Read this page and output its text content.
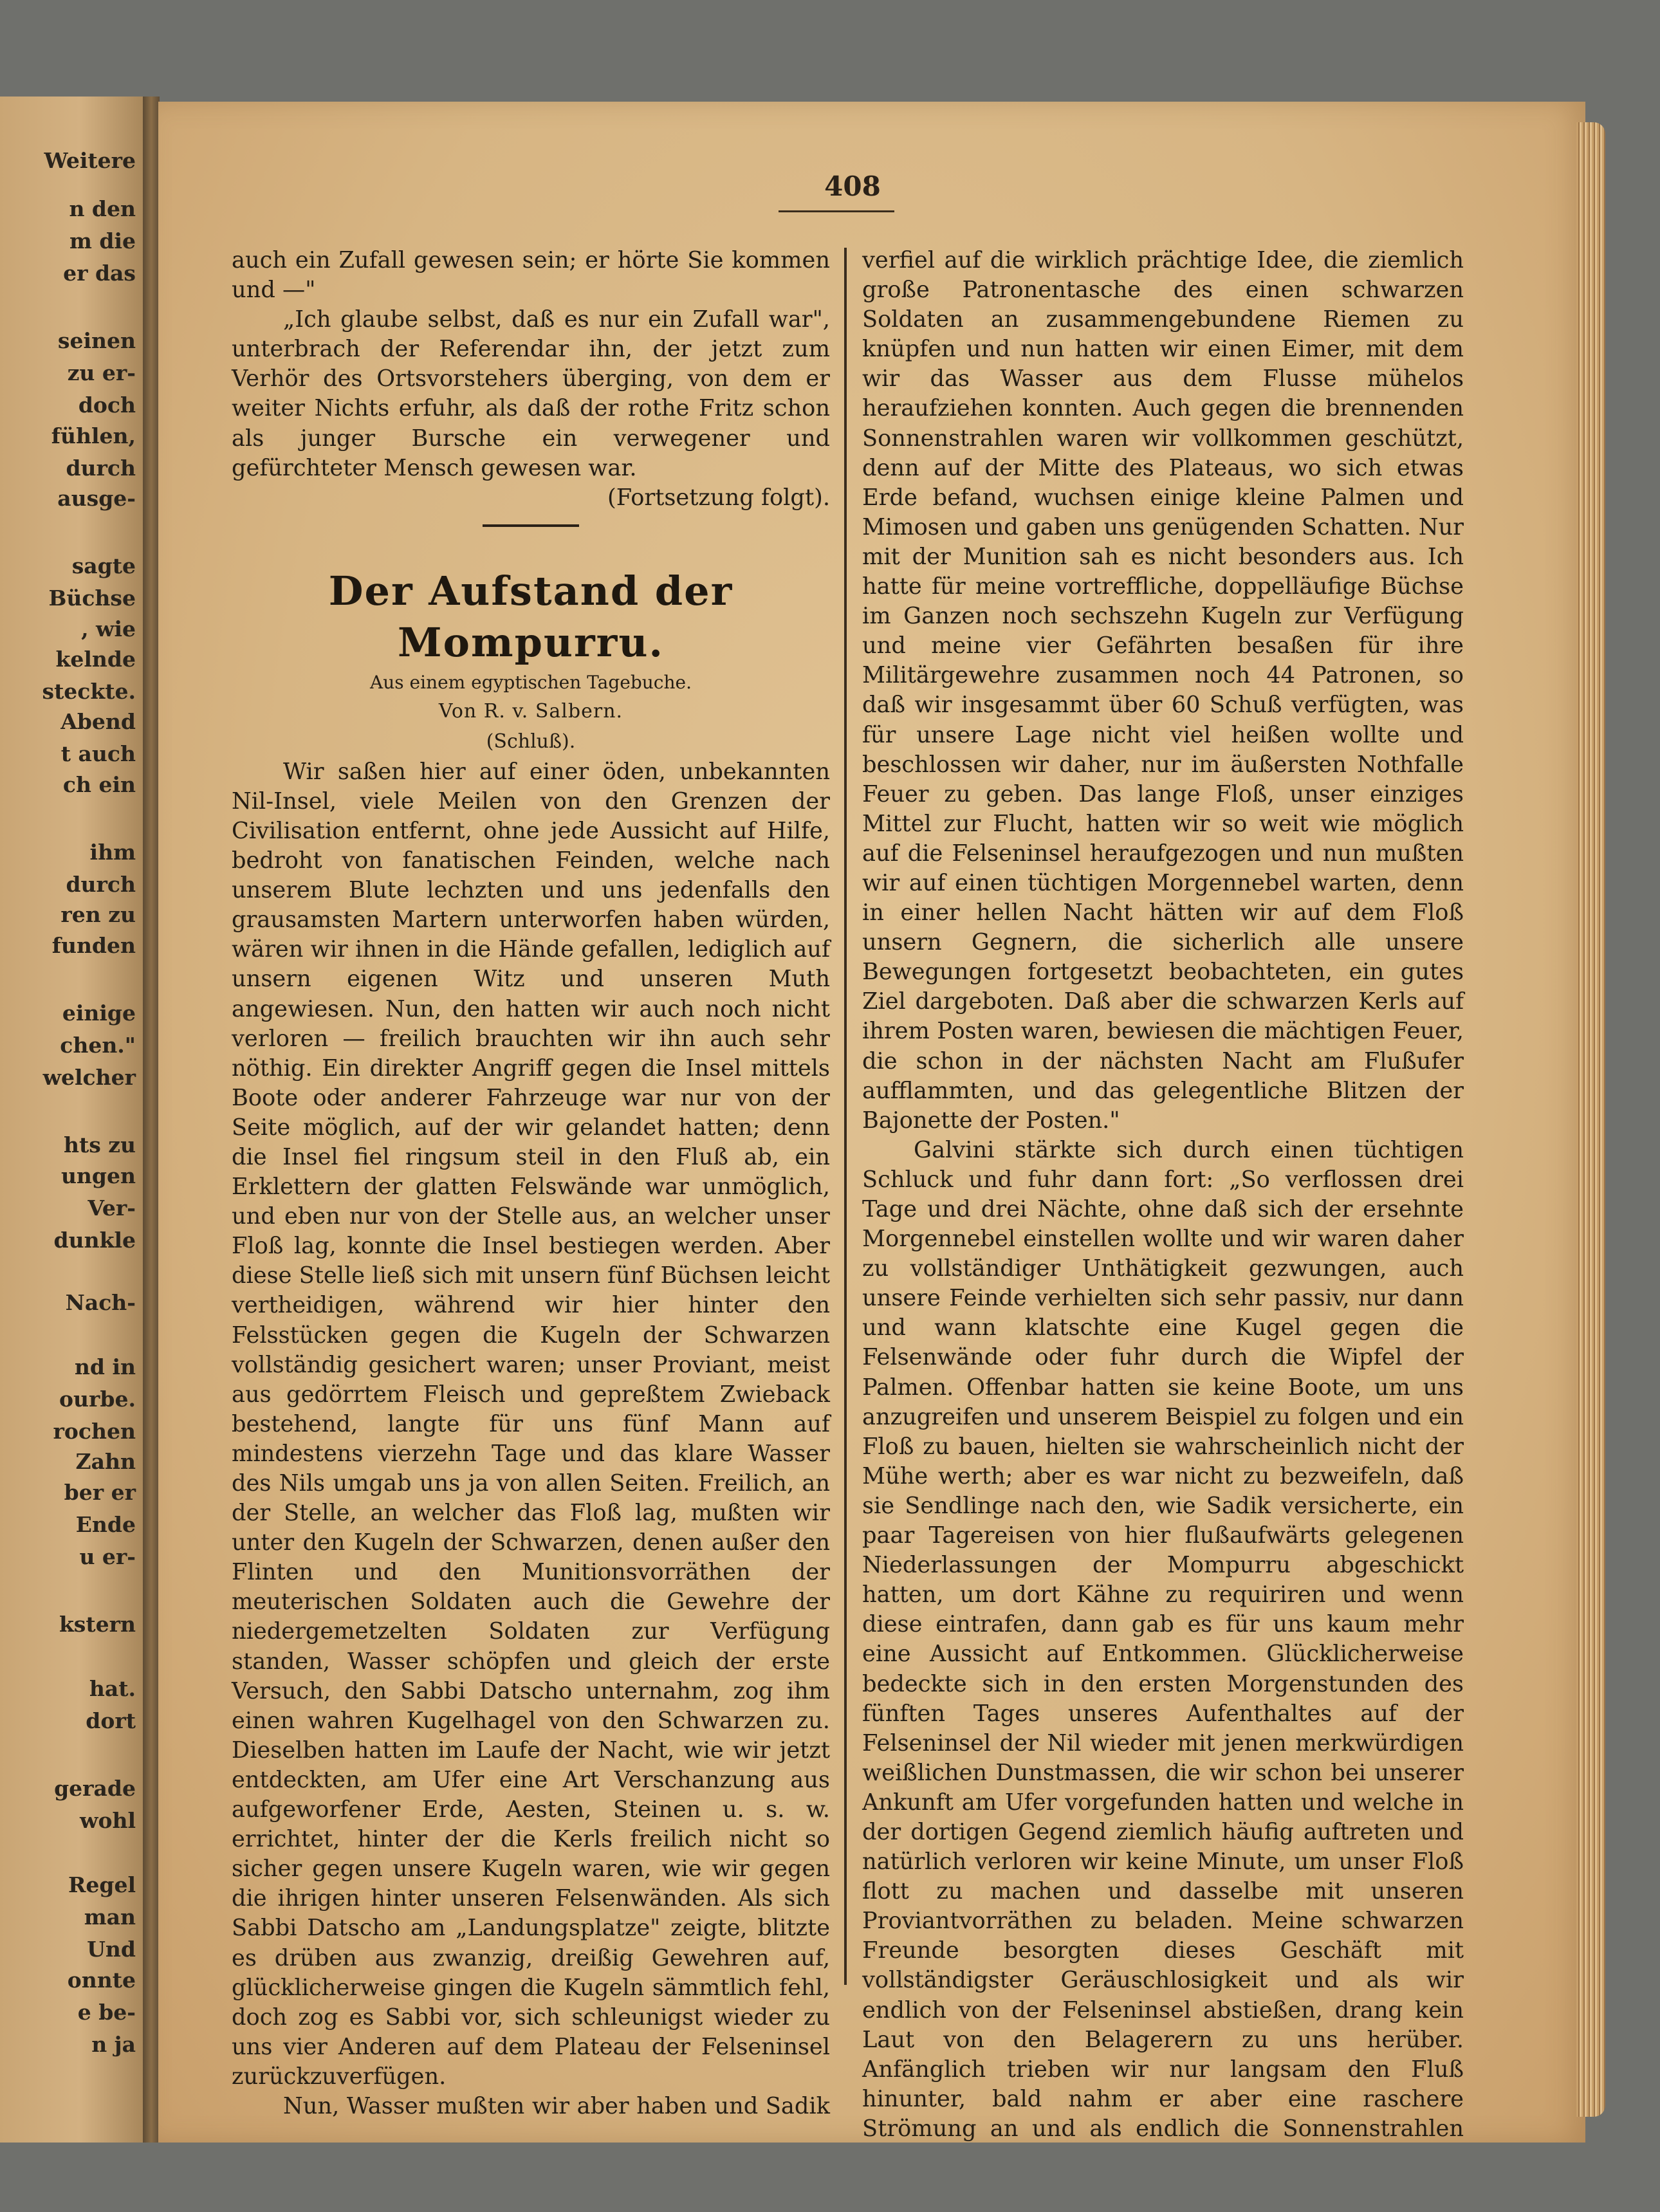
Weitere
n den
m die
er das
seinen
zu er-
doch
fühlen,
durch
ausge-
sagte
Büchse
, wie
kelnde
steckte.
Abend
t auch
ch ein
ihm
durch
ren zu
funden
einige
chen."
welcher
hts zu
ungen
Ver-
dunkle
Nach-
nd in
ourbe.
rochen
Zahn
ber er
Ende
u er-
kstern
hat.
dort
gerade
wohl
Regel
man
Und
onnte
e be-
n ja
408

auch ein Zufall gewesen sein; er hörte Sie kommen und —"

„Ich glaube selbst, daß es nur ein Zufall war", unterbrach der Referendar ihn, der jetzt zum Verhör des Ortsvorstehers überging, von dem er weiter Nichts erfuhr, als daß der rothe Fritz schon als junger Bursche ein verwegener und gefürchteter Mensch gewesen war.
(Fortsetzung folgt).

Der Aufstand der Mompurru.

Aus einem egyptischen Tagebuche.

Von R. v. Salbern.

(Schluß).

Wir saßen hier auf einer öden, unbekannten Nil-Insel, viele Meilen von den Grenzen der Civilisation entfernt, ohne jede Aussicht auf Hilfe, bedroht von fanatischen Feinden, welche nach unserem Blute lechzten und uns jedenfalls den grausamsten Martern unterworfen haben würden, wären wir ihnen in die Hände gefallen, lediglich auf unsern eigenen Witz und unseren Muth angewiesen. Nun, den hatten wir auch noch nicht verloren — freilich brauchten wir ihn auch sehr nöthig. Ein direkter Angriff gegen die Insel mittels Boote oder anderer Fahrzeuge war nur von der Seite möglich, auf der wir gelandet hatten; denn die Insel fiel ringsum steil in den Fluß ab, ein Erklettern der glatten Felswände war unmöglich, und eben nur von der Stelle aus, an welcher unser Floß lag, konnte die Insel bestiegen werden. Aber diese Stelle ließ sich mit unsern fünf Büchsen leicht vertheidigen, während wir hier hinter den Felsstücken gegen die Kugeln der Schwarzen vollständig gesichert waren; unser Proviant, meist aus gedörrtem Fleisch und gepreßtem Zwieback bestehend, langte für uns fünf Mann auf mindestens vierzehn Tage und das klare Wasser des Nils umgab uns ja von allen Seiten. Freilich, an der Stelle, an welcher das Floß lag, mußten wir unter den Kugeln der Schwarzen, denen außer den Flinten und den Munitionsvorräthen der meuterischen Soldaten auch die Gewehre der niedergemetzelten Soldaten zur Verfügung standen, Wasser schöpfen und gleich der erste Versuch, den Sabbi Datscho unternahm, zog ihm einen wahren Kugelhagel von den Schwarzen zu. Dieselben hatten im Laufe der Nacht, wie wir jetzt entdeckten, am Ufer eine Art Verschanzung aus aufgeworfener Erde, Aesten, Steinen u. s. w. errichtet, hinter der die Kerls freilich nicht so sicher gegen unsere Kugeln waren, wie wir gegen die ihrigen hinter unseren Felsenwänden. Als sich Sabbi Datscho am „Landungsplatze" zeigte, blitzte es drüben aus zwanzig, dreißig Gewehren auf, glücklicherweise gingen die Kugeln sämmtlich fehl, doch zog es Sabbi vor, sich schleunigst wieder zu uns vier Anderen auf dem Plateau der Felseninsel zurückzuverfügen.

Nun, Wasser mußten wir aber haben und Sadik

verfiel auf die wirklich prächtige Idee, die ziemlich große Patronentasche des einen schwarzen Soldaten an zusammengebundene Riemen zu knüpfen und nun hatten wir einen Eimer, mit dem wir das Wasser aus dem Flusse mühelos heraufziehen konnten. Auch gegen die brennenden Sonnenstrahlen waren wir vollkommen geschützt, denn auf der Mitte des Plateaus, wo sich etwas Erde befand, wuchsen einige kleine Palmen und Mimosen und gaben uns genügenden Schatten. Nur mit der Munition sah es nicht besonders aus. Ich hatte für meine vortreffliche, doppelläufige Büchse im Ganzen noch sechszehn Kugeln zur Verfügung und meine vier Gefährten besaßen für ihre Militärgewehre zusammen noch 44 Patronen, so daß wir insgesammt über 60 Schuß verfügten, was für unsere Lage nicht viel heißen wollte und beschlossen wir daher, nur im äußersten Nothfalle Feuer zu geben. Das lange Floß, unser einziges Mittel zur Flucht, hatten wir so weit wie möglich auf die Felseninsel heraufgezogen und nun mußten wir auf einen tüchtigen Morgennebel warten, denn in einer hellen Nacht hätten wir auf dem Floß unsern Gegnern, die sicherlich alle unsere Bewegungen fortgesetzt beobachteten, ein gutes Ziel dargeboten. Daß aber die schwarzen Kerls auf ihrem Posten waren, bewiesen die mächtigen Feuer, die schon in der nächsten Nacht am Flußufer aufflammten, und das gelegentliche Blitzen der Bajonette der Posten."

Galvini stärkte sich durch einen tüchtigen Schluck und fuhr dann fort: „So verflossen drei Tage und drei Nächte, ohne daß sich der ersehnte Morgennebel einstellen wollte und wir waren daher zu vollständiger Unthätigkeit gezwungen, auch unsere Feinde verhielten sich sehr passiv, nur dann und wann klatschte eine Kugel gegen die Felsenwände oder fuhr durch die Wipfel der Palmen. Offenbar hatten sie keine Boote, um uns anzugreifen und unserem Beispiel zu folgen und ein Floß zu bauen, hielten sie wahrscheinlich nicht der Mühe werth; aber es war nicht zu bezweifeln, daß sie Sendlinge nach den, wie Sadik versicherte, ein paar Tagereisen von hier flußaufwärts gelegenen Niederlassungen der Mompurru abgeschickt hatten, um dort Kähne zu requiriren und wenn diese eintrafen, dann gab es für uns kaum mehr eine Aussicht auf Entkommen. Glücklicherweise bedeckte sich in den ersten Morgenstunden des fünften Tages unseres Aufenthaltes auf der Felseninsel der Nil wieder mit jenen merkwürdigen weißlichen Dunstmassen, die wir schon bei unserer Ankunft am Ufer vorgefunden hatten und welche in der dortigen Gegend ziemlich häufig auftreten und natürlich verloren wir keine Minute, um unser Floß flott zu machen und dasselbe mit unseren Proviantvorräthen zu beladen. Meine schwarzen Freunde besorgten dieses Geschäft mit vollständigster Geräuschlosigkeit und als wir endlich von der Felseninsel abstießen, drang kein Laut von den Belagerern zu uns herüber. Anfänglich trieben wir nur langsam den Fluß hinunter, bald nahm er aber eine raschere Strömung an und als endlich die Sonnenstrahlen
